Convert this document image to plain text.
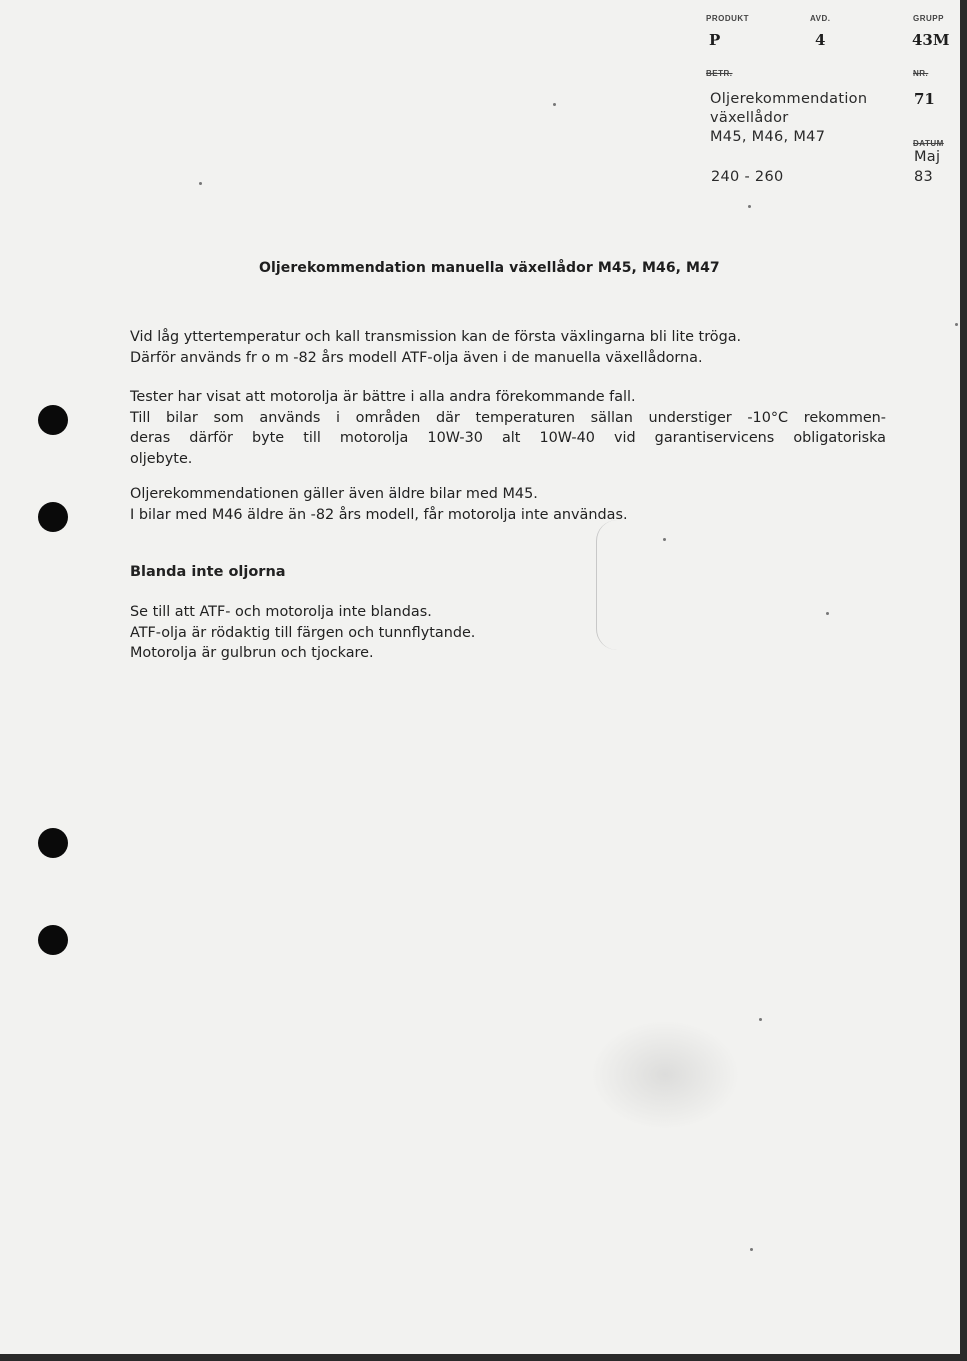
PRODUKT
P
AVD.
4
GRUPP
43M
BETR.
Oljerekommendation
växellådor
M45, M46, M47
240 - 260
NR.
71
DATUM
Maj
83
Oljerekommendation manuella växellådor M45, M46, M47
Vid låg yttertemperatur och kall transmission kan de första växlingarna bli lite tröga.
Därför används fr o m -82 års modell ATF-olja även i de manuella växellådorna.
Tester har visat att motorolja är bättre i alla andra förekommande fall.
Till bilar som används i områden där temperaturen sällan understiger -10°C rekommen-
deras därför byte till motorolja 10W-30 alt 10W-40 vid garantiservicens obligatoriska
oljebyte.
Oljerekommendationen gäller även äldre bilar med M45.
I bilar med M46 äldre än -82 års modell, får motorolja inte användas.
Blanda inte oljorna
Se till att ATF- och motorolja inte blandas.
ATF-olja är rödaktig till färgen och tunnflytande.
Motorolja är gulbrun och tjockare.
